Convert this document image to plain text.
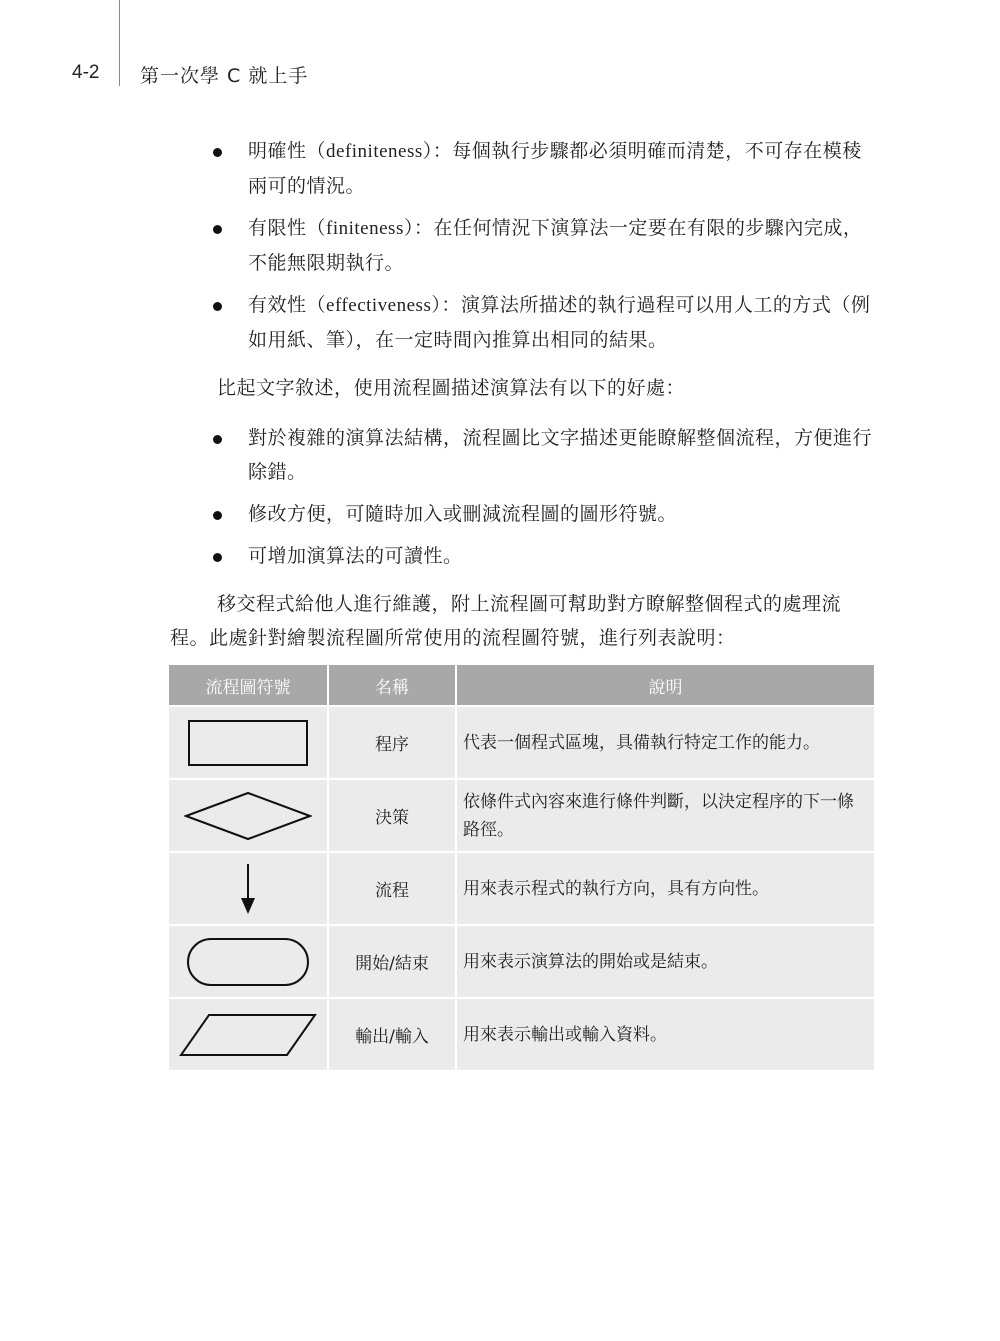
4-2 第一次學 C 就上手
明確性（definiteness）：每個執行步驟都必須明確而清楚，不可存在模稜兩可的情況。
有限性（finiteness）：在任何情況下演算法一定要在有限的步驟內完成，不能無限期執行。
有效性（effectiveness）：演算法所描述的執行過程可以用人工的方式（例如用紙、筆），在一定時間內推算出相同的結果。

比起文字敘述，使用流程圖描述演算法有以下的好處：

對於複雜的演算法結構，流程圖比文字描述更能瞭解整個流程，方便進行除錯。
修改方便，可隨時加入或刪減流程圖的圖形符號。
可增加演算法的可讀性。

移交程式給他人進行維護，附上流程圖可幫助對方瞭解整個程式的處理流程。此處針對繪製流程圖所常使用的流程圖符號，進行列表說明：

流程圖符號	名稱	說明

	程序	代表一個程式區塊，具備執行特定工作的能力。

	決策	依條件式內容來進行條件判斷，以決定程序的下一條路徑。

	流程	用來表示程式的執行方向，具有方向性。

	開始/結束	用來表示演算法的開始或是結束。

	輸出/輸入	用來表示輸出或輸入資料。
